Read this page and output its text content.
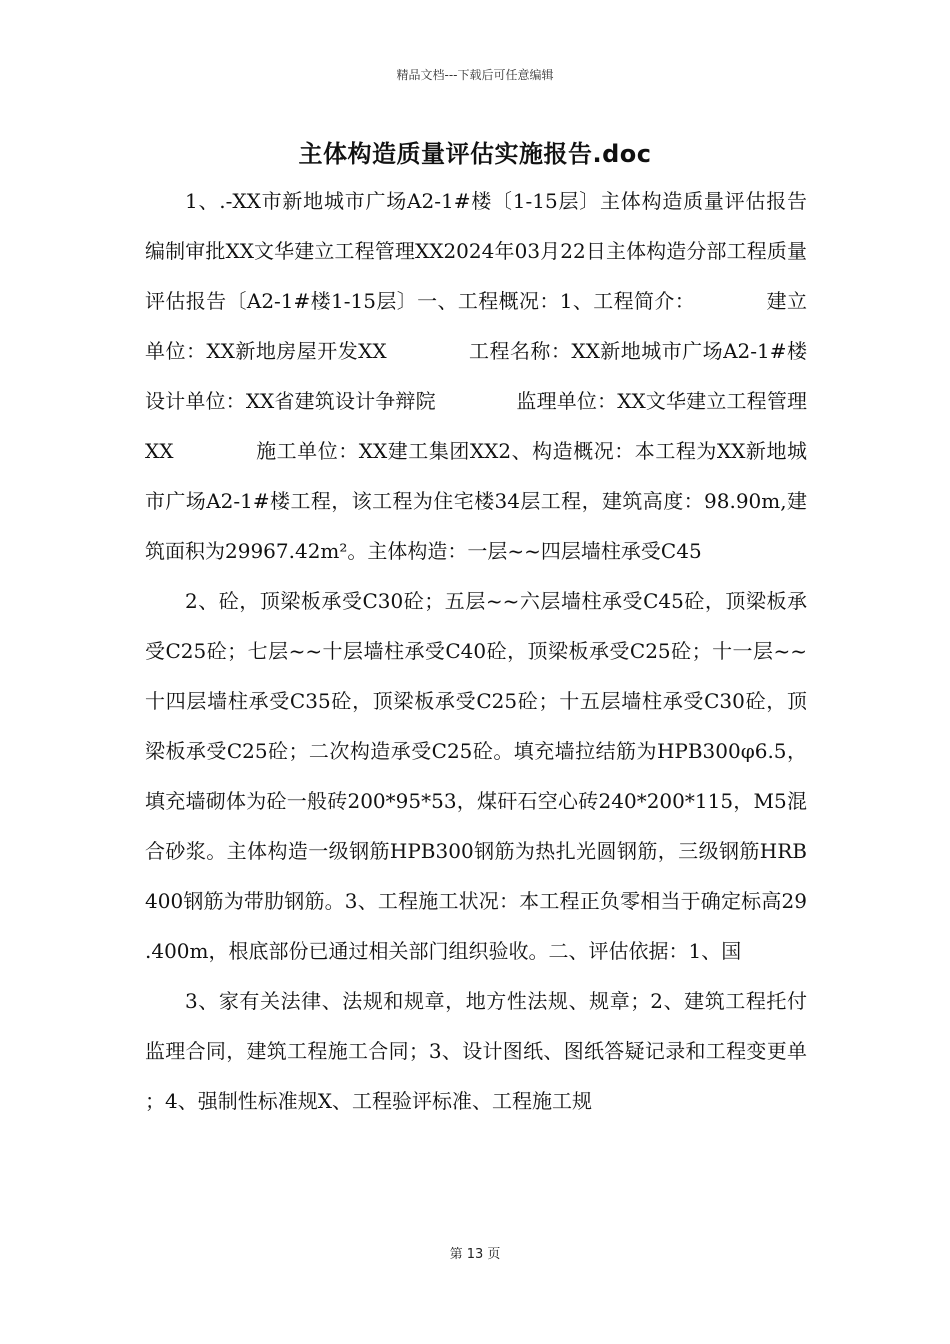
精品文档---下载后可任意编辑
主体构造质量评估实施报告.doc

1、.-XX市新地城市广场A2-1#楼〔1-15层〕主体构造质量评估报告编制审批XX文华建立工程管理XX2024年03月22日主体构造分部工程质量评估报告〔A2-1#楼1-15层〕一、工程概况：1、工程简介：　　　　建立单位：XX新地房屋开发XX　　　　工程名称：XX新地城市广场A2-1#楼　　　　设计单位：XX省建筑设计争辩院　　　　监理单位：XX文华建立工程管理XX　　　　施工单位：XX建工集团XX2、构造概况：本工程为XX新地城市广场A2-1#楼工程，该工程为住宅楼34层工程，建筑高度：98.90m,建筑面积为29967.42m²。主体构造：一层~~四层墙柱承受C45

2、砼，顶梁板承受C30砼；五层~~六层墙柱承受C45砼，顶梁板承受C25砼；七层~~十层墙柱承受C40砼，顶梁板承受C25砼；十一层~~十四层墙柱承受C35砼，顶梁板承受C25砼；十五层墙柱承受C30砼，顶梁板承受C25砼；二次构造承受C25砼。填充墙拉结筋为HPB300φ6.5，填充墙砌体为砼一般砖200*95*53，煤矸石空心砖240*200*115，M5混合砂浆。主体构造一级钢筋HPB300钢筋为热扎光圆钢筋，三级钢筋HRB400钢筋为带肋钢筋。3、工程施工状况：本工程正负零相当于确定标高29.400m，根底部份已通过相关部门组织验收。二、评估依据：1、国

3、家有关法律、法规和规章，地方性法规、规章；2、建筑工程托付监理合同，建筑工程施工合同；3、设计图纸、图纸答疑记录和工程变更单；4、强制性标准规X、工程验评标准、工程施工规

第 13 页
